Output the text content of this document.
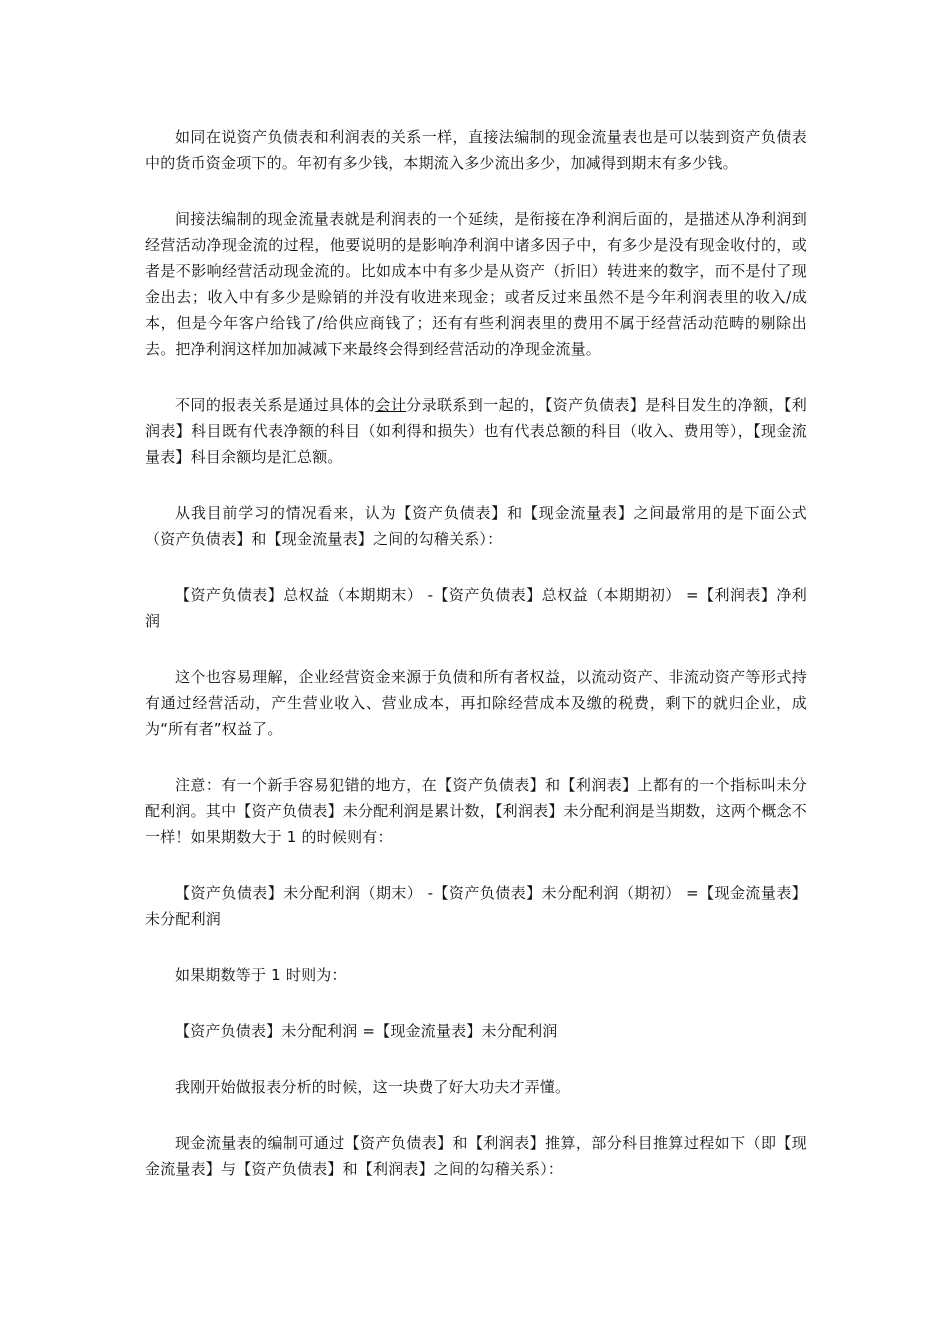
如同在说资产负债表和利润表的关系一样，直接法编制的现金流量表也是可以装到资产负债表中的货币资金项下的。年初有多少钱，本期流入多少流出多少，加减得到期末有多少钱。

间接法编制的现金流量表就是利润表的一个延续，是衔接在净利润后面的，是描述从净利润到经营活动净现金流的过程，他要说明的是影响净利润中诸多因子中，有多少是没有现金收付的，或者是不影响经营活动现金流的。比如成本中有多少是从资产（折旧）转进来的数字，而不是付了现金出去；收入中有多少是赊销的并没有收进来现金；或者反过来虽然不是今年利润表里的收入/成本，但是今年客户给钱了/给供应商钱了；还有有些利润表里的费用不属于经营活动范畴的剔除出去。把净利润这样加加减减下来最终会得到经营活动的净现金流量。

不同的报表关系是通过具体的会计分录联系到一起的，【资产负债表】是科目发生的净额，【利润表】科目既有代表净额的科目（如利得和损失）也有代表总额的科目（收入、费用等），【现金流量表】科目余额均是汇总额。

从我目前学习的情况看来，认为【资产负债表】和【现金流量表】之间最常用的是下面公式（资产负债表】和【现金流量表】之间的勾稽关系）：

【资产负债表】总权益（本期期末） -【资产负债表】总权益（本期期初） =【利润表】净利润

这个也容易理解，企业经营资金来源于负债和所有者权益，以流动资产、非流动资产等形式持有通过经营活动，产生营业收入、营业成本，再扣除经营成本及缴的税费，剩下的就归企业，成为“所有者”权益了。

注意：有一个新手容易犯错的地方，在【资产负债表】和【利润表】上都有的一个指标叫未分配利润。其中【资产负债表】未分配利润是累计数，【利润表】未分配利润是当期数，这两个概念不一样！如果期数大于 1 的时候则有：

【资产负债表】未分配利润（期末） -【资产负债表】未分配利润（期初） =【现金流量表】未分配利润

如果期数等于 1 时则为：

【资产负债表】未分配利润 =【现金流量表】未分配利润

我刚开始做报表分析的时候，这一块费了好大功夫才弄懂。

现金流量表的编制可通过【资产负债表】和【利润表】推算，部分科目推算过程如下（即【现金流量表】与【资产负债表】和【利润表】之间的勾稽关系）：
